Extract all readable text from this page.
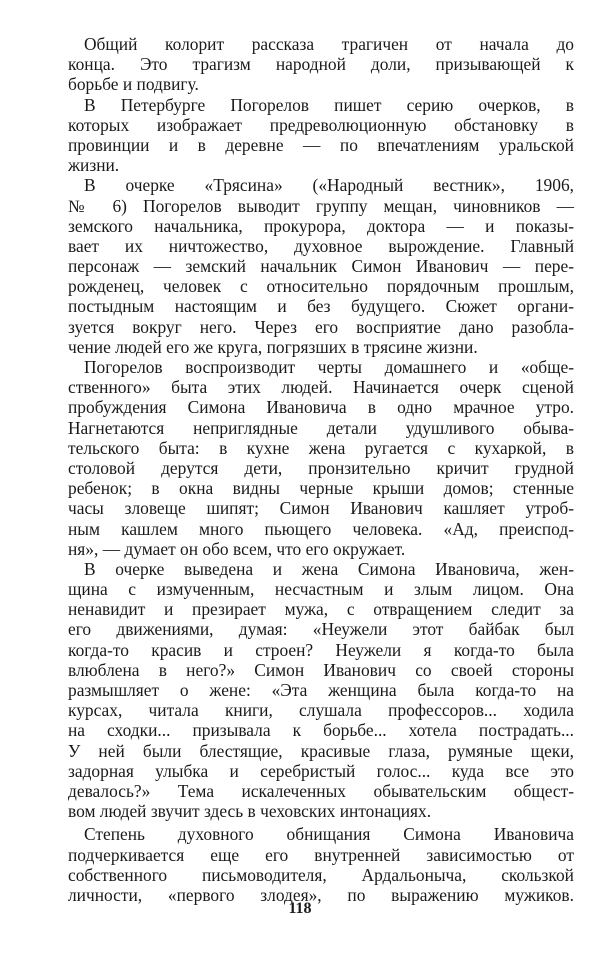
Общий колорит рассказа трагичен от начала до
конца. Это трагизм народной доли, призывающей к
борьбе и подвигу.
В Петербурге Погорелов пишет серию очерков, в
которых изображает предреволюционную обстановку в
провинции и в деревне — по впечатлениям уральской
жизни.
В очерке «Трясина» («Народный вестник», 1906,
№ 6) Погорелов выводит группу мещан, чиновников —
земского начальника, прокурора, доктора — и показы-
вает их ничтожество, духовное вырождение. Главный
персонаж — земский начальник Симон Иванович — пере-
рожденец, человек с относительно порядочным прошлым,
постыдным настоящим и без будущего. Сюжет органи-
зуется вокруг него. Через его восприятие дано разобла-
чение людей его же круга, погрязших в трясине жизни.
Погорелов воспроизводит черты домашнего и «обще-
ственного» быта этих людей. Начинается очерк сценой
пробуждения Симона Ивановича в одно мрачное утро.
Нагнетаются неприглядные детали удушливого обыва-
тельского быта: в кухне жена ругается с кухаркой, в
столовой дерутся дети, пронзительно кричит грудной
ребенок; в окна видны черные крыши домов; стенные
часы зловеще шипят; Симон Иванович кашляет утроб-
ным кашлем много пьющего человека. «Ад, преиспод-
ня», — думает он обо всем, что его окружает.
В очерке выведена и жена Симона Ивановича, жен-
щина с измученным, несчастным и злым лицом. Она
ненавидит и презирает мужа, с отвращением следит за
его движениями, думая: «Неужели этот байбак был
когда-то красив и строен? Неужели я когда-то была
влюблена в него?» Симон Иванович со своей стороны
размышляет о жене: «Эта женщина была когда-то на
курсах, читала книги, слушала профессоров... ходила
на сходки... призывала к борьбе... хотела пострадать...
У ней были блестящие, красивые глаза, румяные щеки,
задорная улыбка и серебристый голос... куда все это
девалось?» Тема искалеченных обывательским общест-
вом людей звучит здесь в чеховских интонациях.
Степень духовного обнищания Симона Ивановича
подчеркивается еще его внутренней зависимостью от
собственного письмоводителя, Ардальоныча, скользкой
личности, «первого злодея», по выражению мужиков.
118
